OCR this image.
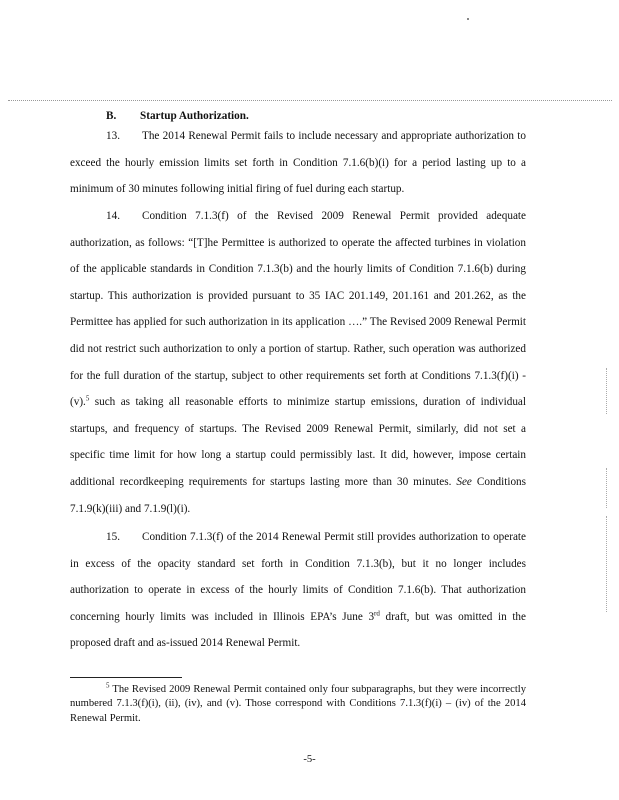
B. Startup Authorization.

13. The 2014 Renewal Permit fails to include necessary and appropriate authorization to exceed the hourly emission limits set forth in Condition 7.1.6(b)(i) for a period lasting up to a minimum of 30 minutes following initial firing of fuel during each startup.

14. Condition 7.1.3(f) of the Revised 2009 Renewal Permit provided adequate authorization, as follows: “[T]he Permittee is authorized to operate the affected turbines in violation of the applicable standards in Condition 7.1.3(b) and the hourly limits of Condition 7.1.6(b) during startup. This authorization is provided pursuant to 35 IAC 201.149, 201.161 and 201.262, as the Permittee has applied for such authorization in its application ….” The Revised 2009 Renewal Permit did not restrict such authorization to only a portion of startup. Rather, such operation was authorized for the full duration of the startup, subject to other requirements set forth at Conditions 7.1.3(f)(i) - (v).$^5$ such as taking all reasonable efforts to minimize startup emissions, duration of individual startups, and frequency of startups. The Revised 2009 Renewal Permit, similarly, did not set a specific time limit for how long a startup could permissibly last. It did, however, impose certain additional recordkeeping requirements for startups lasting more than 30 minutes. See Conditions 7.1.9(k)(iii) and 7.1.9(l)(i).

15. Condition 7.1.3(f) of the 2014 Renewal Permit still provides authorization to operate in excess of the opacity standard set forth in Condition 7.1.3(b), but it no longer includes authorization to operate in excess of the hourly limits of Condition 7.1.6(b). That authorization concerning hourly limits was included in Illinois EPA’s June 3rd draft, but was omitted in the proposed draft and as-issued 2014 Renewal Permit.

$^5$ The Revised 2009 Renewal Permit contained only four subparagraphs, but they were incorrectly numbered 7.1.3(f)(i), (ii), (iv), and (v). Those correspond with Conditions 7.1.3(f)(i) – (iv) of the 2014 Renewal Permit.
-5-
